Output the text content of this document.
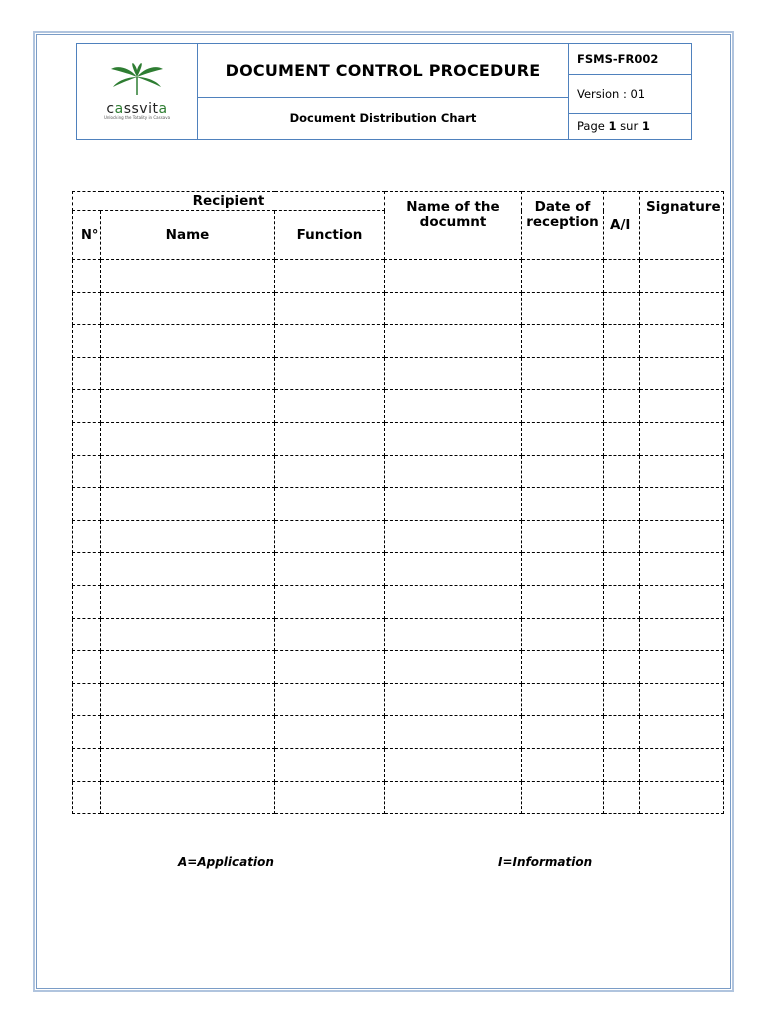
cassvita
Unlocking the Totality in Cassava

DOCUMENT CONTROL PROCEDURE
Document Distribution Chart

FSMS-FR002
Version : 01
Page 1 sur 1

Recipient			Name of the documnt	Date of reception	A/I	Signature
N°	Name	Function				

A=Application	I=Information
